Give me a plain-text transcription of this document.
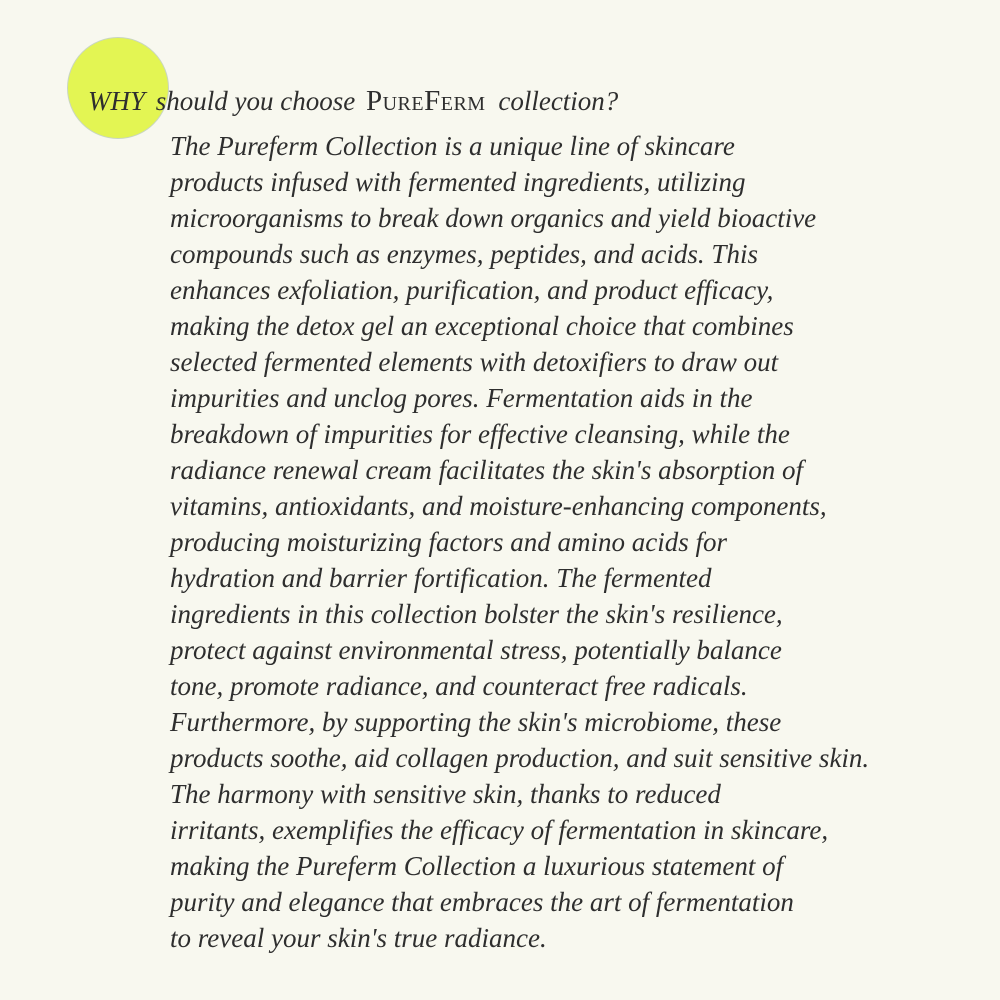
WHY should you choose PureFerm collection?
The Pureferm Collection is a unique line of skincare
products infused with fermented ingredients, utilizing
microorganisms to break down organics and yield bioactive
compounds such as enzymes, peptides, and acids. This
enhances exfoliation, purification, and product efficacy,
making the detox gel an exceptional choice that combines
selected fermented elements with detoxifiers to draw out
impurities and unclog pores. Fermentation aids in the
breakdown of impurities for effective cleansing, while the
radiance renewal cream facilitates the skin's absorption of
vitamins, antioxidants, and moisture-enhancing components,
producing moisturizing factors and amino acids for
hydration and barrier fortification. The fermented
ingredients in this collection bolster the skin's resilience,
protect against environmental stress, potentially balance
tone, promote radiance, and counteract free radicals.
Furthermore, by supporting the skin's microbiome, these
products soothe, aid collagen production, and suit sensitive skin.
The harmony with sensitive skin, thanks to reduced
irritants, exemplifies the efficacy of fermentation in skincare,
making the Pureferm Collection a luxurious statement of
purity and elegance that embraces the art of fermentation
to reveal your skin's true radiance.
